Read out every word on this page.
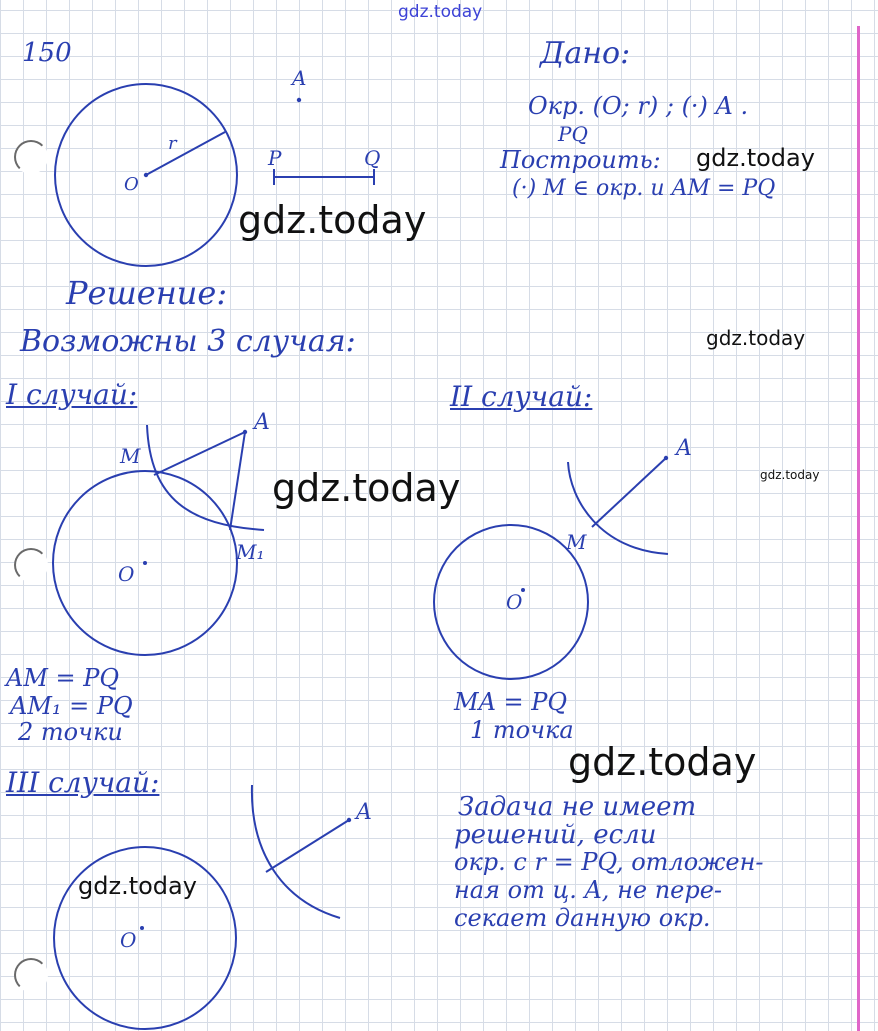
gdz.today
150	Дано:
Окр. (O; r) ; (·) A .
PQ
Построить:
(·) M ∈ окр. и AM = PQ
A
r
O
P	Q
Решение:
Возможны 3 случая:
I случай:
M
A
M₁
O
AM = PQ
AM₁ = PQ
2 точки
II случай:
A
M
O
MA = PQ
1 точка
III случай:
A
O
Задача не имеет
решений, если
окр. с r = PQ, отложен-
ная от ц. A, не пере-
секает данную окр.
gdz.today
gdz.today
gdz.today
gdz.today	gdz.today
gdz.today
gdz.today
